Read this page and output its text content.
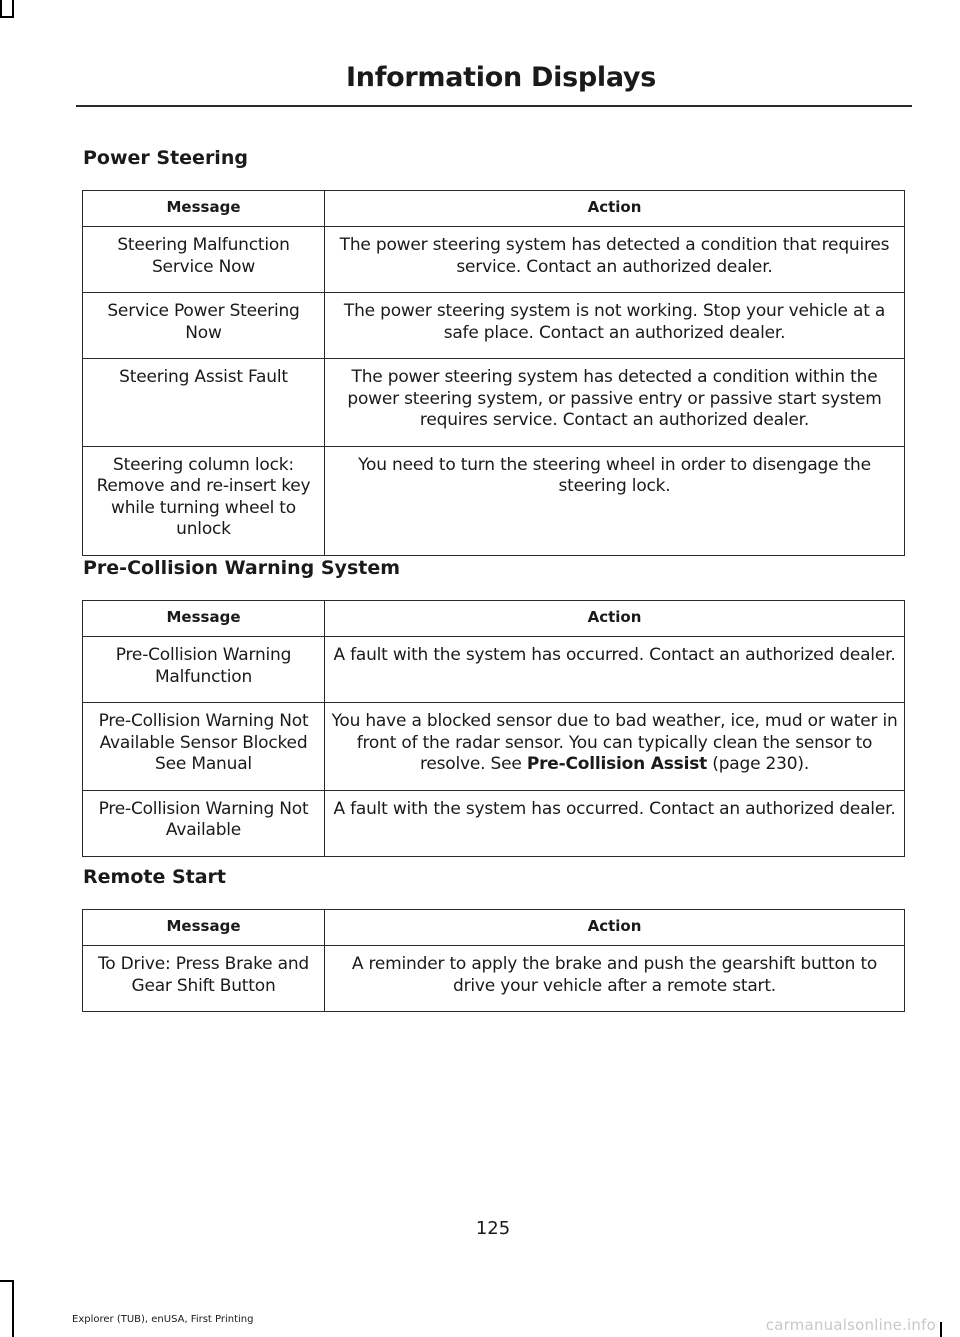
Information Displays
Power Steering
Message	Action
Steering Malfunction Service Now	The power steering system has detected a condition that requires service. Contact an authorized dealer.
Service Power Steering Now	The power steering system is not working. Stop your vehicle at a safe place. Contact an authorized dealer.
Steering Assist Fault	The power steering system has detected a condition within the power steering system, or passive entry or passive start system requires service. Contact an authorized dealer.
Steering column lock: Remove and re-insert key while turning wheel to unlock	You need to turn the steering wheel in order to disengage the steering lock.
Pre-Collision Warning System
Message	Action
Pre-Collision Warning Malfunction	A fault with the system has occurred. Contact an authorized dealer.
Pre-Collision Warning Not Available Sensor Blocked See Manual	You have a blocked sensor due to bad weather, ice, mud or water in front of the radar sensor. You can typically clean the sensor to resolve. See Pre-Collision Assist (page 230).
Pre-Collision Warning Not Available	A fault with the system has occurred. Contact an authorized dealer.
Remote Start
Message	Action
To Drive: Press Brake and Gear Shift Button	A reminder to apply the brake and push the gearshift button to drive your vehicle after a remote start.
125
Explorer (TUB), enUSA, First Printing	carmanualsonline.info
